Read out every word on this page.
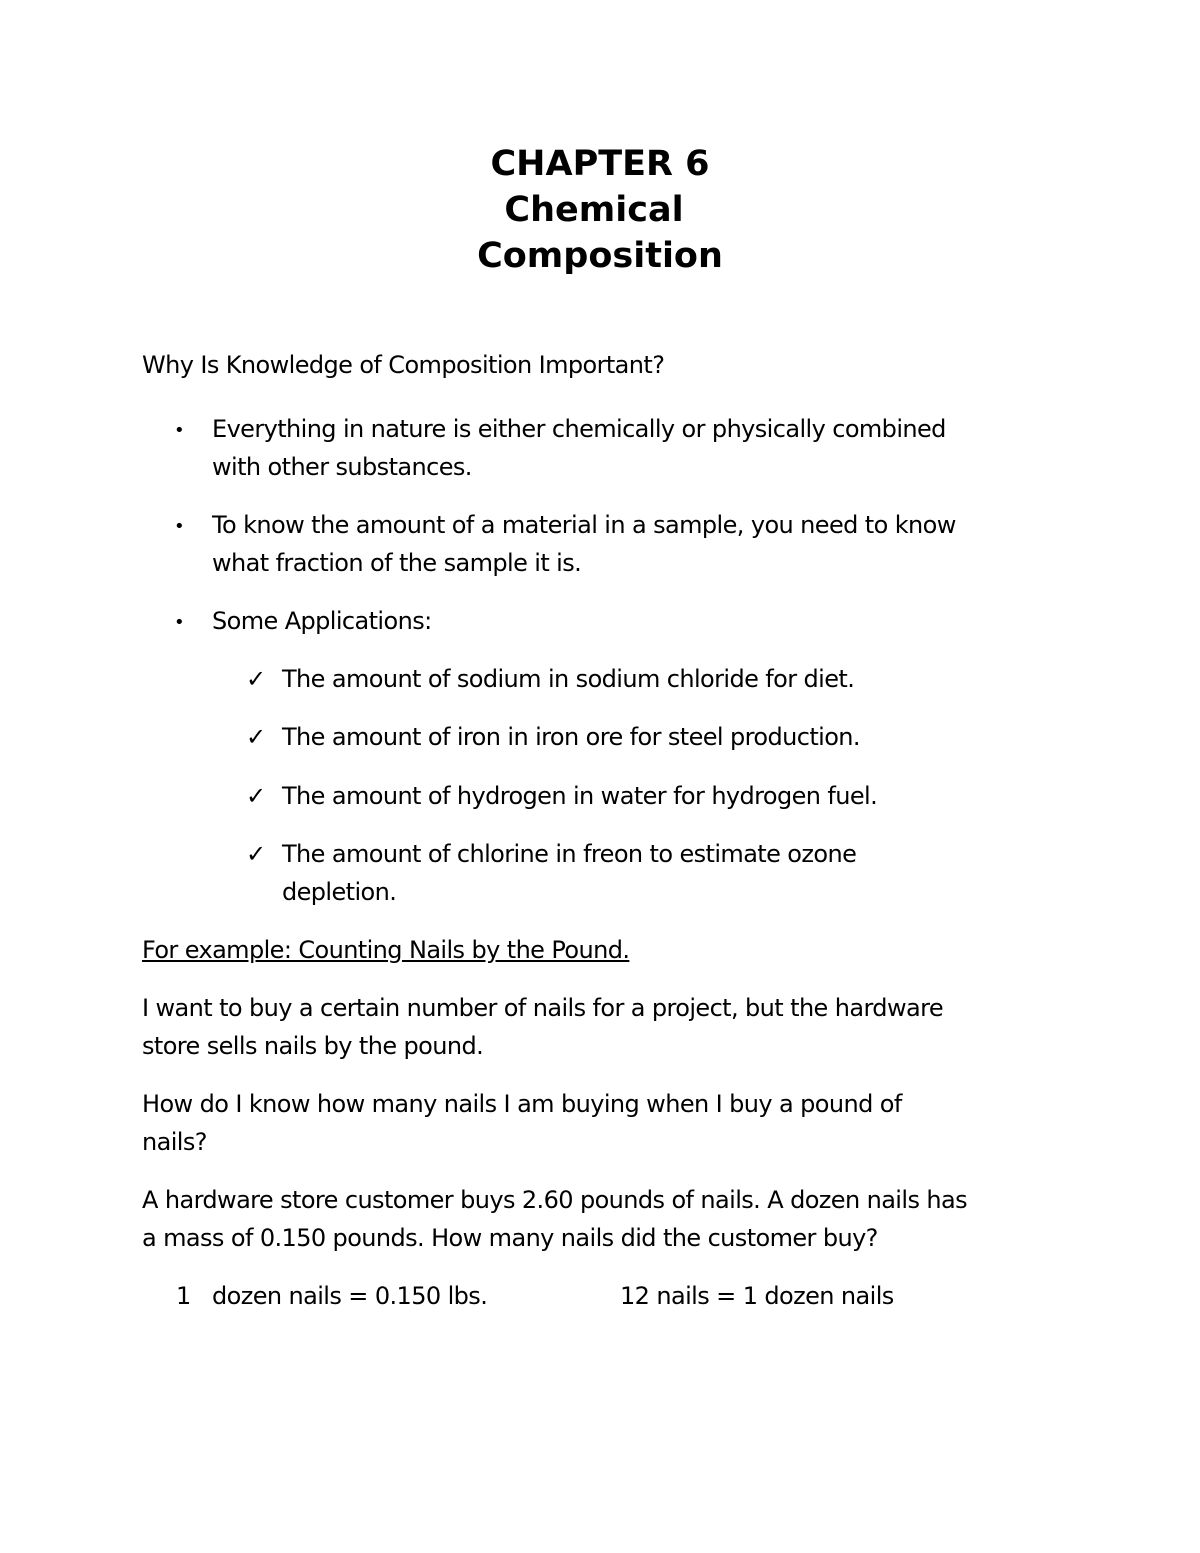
CHAPTER 6
Chemical
Composition
Why Is Knowledge of Composition Important?
• Everything in nature is either chemically or physically combined
with other substances.
• To know the amount of a material in a sample, you need to know
what fraction of the sample it is.
• Some Applications:
✓ The amount of sodium in sodium chloride for diet.
✓ The amount of iron in iron ore for steel production.
✓ The amount of hydrogen in water for hydrogen fuel.
✓ The amount of chlorine in freon to estimate ozone
depletion.
For example: Counting Nails by the Pound.
I want to buy a certain number of nails for a project, but the hardware
store sells nails by the pound.
How do I know how many nails I am buying when I buy a pound of
nails?
A hardware store customer buys 2.60 pounds of nails. A dozen nails has
a mass of 0.150 pounds. How many nails did the customer buy?
1 dozen nails = 0.150 lbs.	12 nails = 1 dozen nails
